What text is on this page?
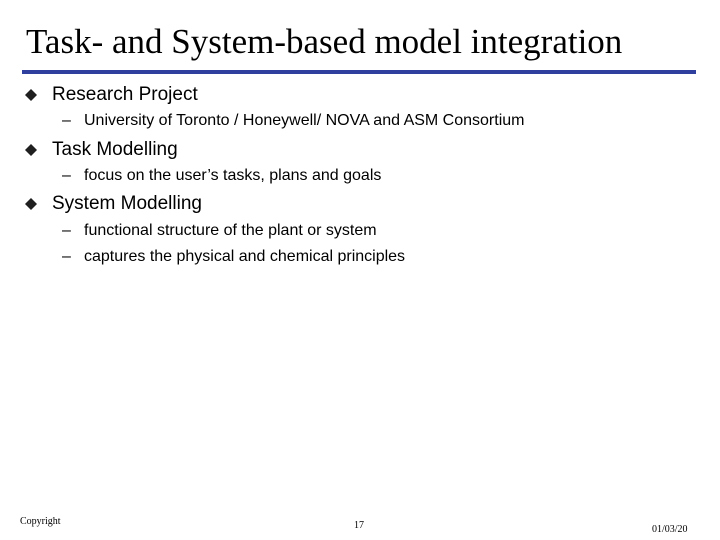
Task- and System-based model integration
Research Project
– University of Toronto / Honeywell/ NOVA and ASM Consortium
Task Modelling
– focus on the user’s tasks, plans and goals
System Modelling
– functional structure of the plant or system
– captures the physical and chemical principles
Copyright	17	01/03/20
